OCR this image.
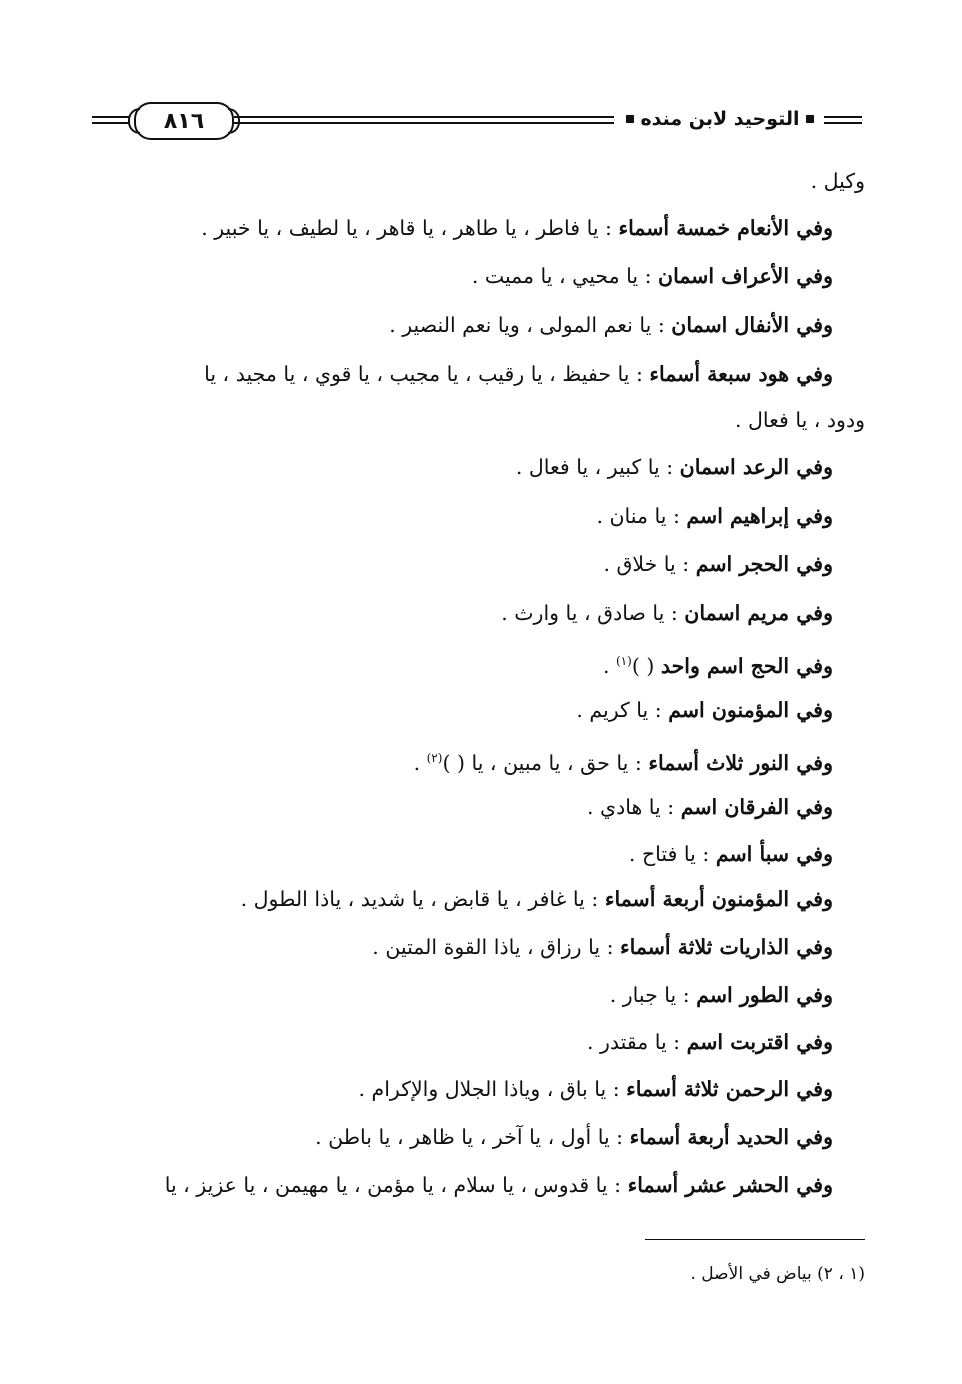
٨١٦	التوحيد لابن منده
وكيل .
وفي الأنعام خمسة أسماء : يا فاطر ، يا طاهر ، يا قاهر ، يا لطيف ، يا خبير .
وفي الأعراف اسمان : يا محيي ، يا مميت .
وفي الأنفال اسمان : يا نعم المولى ، ويا نعم النصير .
وفي هود سبعة أسماء : يا حفيظ ، يا رقيب ، يا مجيب ، يا قوي ، يا مجيد ، يا
ودود ، يا فعال .
وفي الرعد اسمان : يا كبير ، يا فعال .
وفي إبراهيم اسم : يا منان .
وفي الحجر اسم : يا خلاق .
وفي مريم اسمان : يا صادق ، يا وارث .
وفي الحج اسم واحد ( )$^{(١)}$ .
وفي المؤمنون اسم : يا كريم .
وفي النور ثلاث أسماء : يا حق ، يا مبين ، يا ( )$^{(٢)}$ .
وفي الفرقان اسم : يا هادي .
وفي سبأ اسم : يا فتاح .
وفي المؤمنون أربعة أسماء : يا غافر ، يا قابض ، يا شديد ، ياذا الطول .
وفي الذاريات ثلاثة أسماء : يا رزاق ، ياذا القوة المتين .
وفي الطور اسم : يا جبار .
وفي اقتربت اسم : يا مقتدر .
وفي الرحمن ثلاثة أسماء : يا باق ، وياذا الجلال والإكرام .
وفي الحديد أربعة أسماء : يا أول ، يا آخر ، يا ظاهر ، يا باطن .
وفي الحشر عشر أسماء : يا قدوس ، يا سلام ، يا مؤمن ، يا مهيمن ، يا عزيز ، يا
(١ ، ٢) بياض في الأصل .
